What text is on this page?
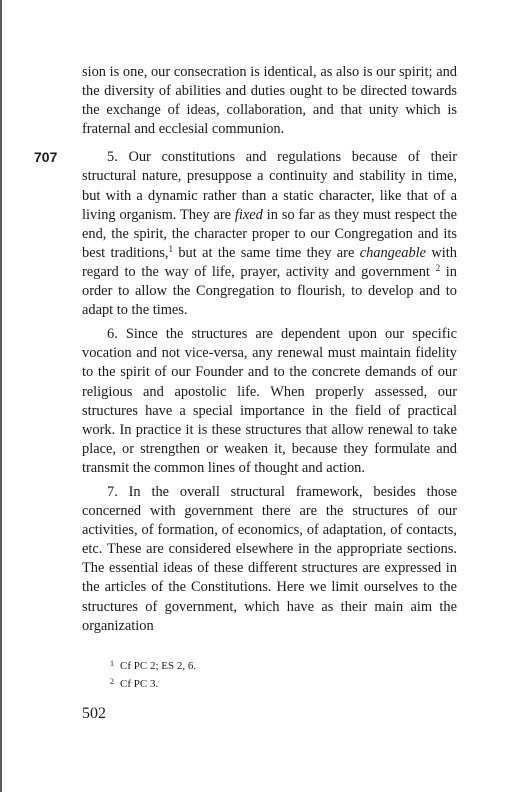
707

sion is one, our consecration is identical, as also is our spirit; and the diversity of abilities and duties ought to be directed towards the exchange of ideas, collaboration, and that unity which is fraternal and ecclesial communion.

5. Our constitutions and regulations because of their structural nature, presuppose a continuity and stability in time, but with a dynamic rather than a static character, like that of a living organism. They are fixed in so far as they must respect the end, the spirit, the character proper to our Congregation and its best traditions,$^1$ but at the same time they are changeable with regard to the way of life, prayer, activity and government $^2$ in order to allow the Congregation to flourish, to develop and to adapt to the times.

6. Since the structures are dependent upon our specific vocation and not vice-versa, any renewal must maintain fidelity to the spirit of our Founder and to the concrete demands of our religious and apostolic life. When properly assessed, our structures have a special importance in the field of practical work. In practice it is these structures that allow renewal to take place, or strengthen or weaken it, because they formulate and transmit the common lines of thought and action.

7. In the overall structural framework, besides those concerned with government there are the structures of our activities, of formation, of economics, of adaptation, of contacts, etc. These are considered elsewhere in the appropriate sections. The essential ideas of these different structures are expressed in the articles of the Constitutions. Here we limit ourselves to the structures of government, which have as their main aim the organization

1 Cf PC 2; ES 2, 6.
2 Cf PC 3.
502
